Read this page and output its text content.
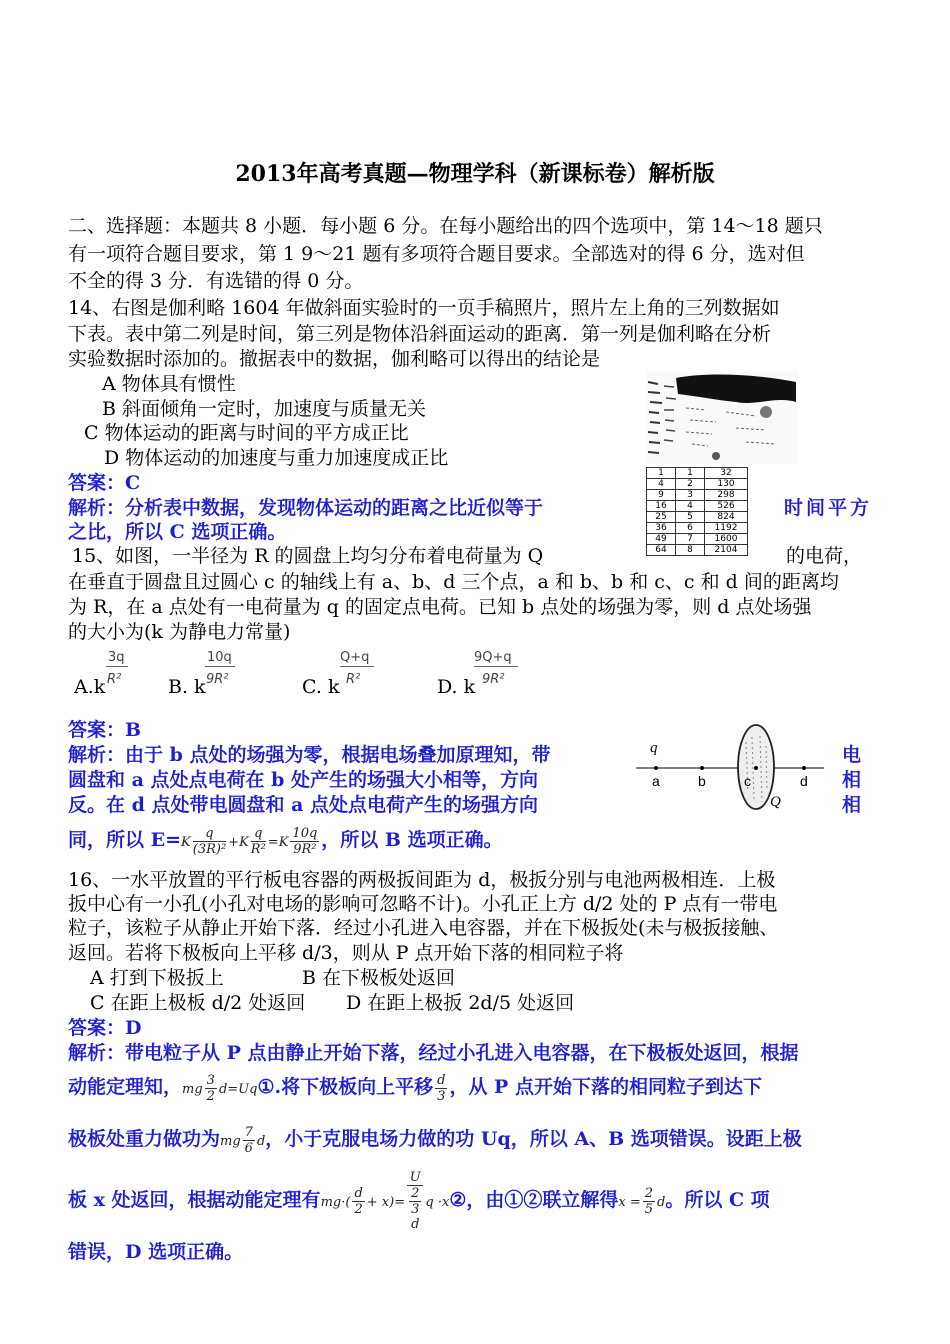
2013年高考真题—物理学科（新课标卷）解析版
二、选择题：本题共 8 小题．每小题 6 分。在每小题给出的四个选项中，第 14～18 题只
有一项符合题目要求，第 1 9～21 题有多项符合题目要求。全部选对的得 6 分，选对但
不全的得 3 分．有选错的得 0 分。
14、右图是伽利略 1604 年做斜面实验时的一页手稿照片，照片左上角的三列数据如
下表。表中第二列是时间，第三列是物体沿斜面运动的距离．第一列是伽利略在分析
实验数据时添加的。撤据表中的数据，伽利略可以得出的结论是
A 物体具有惯性
B 斜面倾角一定时，加速度与质量无关
C 物体运动的距离与时间的平方成正比
D 物体运动的加速度与重力加速度成正比
答案：C
解析：分析表中数据，发现物体运动的距离之比近似等于	时间平方
之比，所以 C 选项正确。
1	1	32
4	2	130
9	3	298
16	4	526
25	5	824
36	6	1192
49	7	1600
64	8	2104
15、如图，一半径为 R 的圆盘上均匀分布着电荷量为 Q	的电荷，
在垂直于圆盘且过圆心 c 的轴线上有 a、b、d 三个点，a 和 b、b 和 c、c 和 d 间的距离均
为 R，在 a 点处有一电荷量为 q 的固定点电荷。已知 b 点处的场强为零，则 d 点处场强
的大小为(k 为静电力常量)
A.k
3q
R² B. k
10q
9R²	C. k
Q+q
R²	D. k
9Q+q
9R²
答案：B
解析：由于 b 点处的场强为零，根据电场叠加原理知，带
圆盘和 a 点处点电荷在 b 处产生的场强大小相等，方向
反。在 d 点处带电圆盘和 a 点处点电荷产生的场强方向
电
相
相
同，所以 $E=K \frac{q}{\text{(3R)²}} +K \frac{q}{\text{R²}} =K \frac{10q}{\text{9R²}}$ ，所以 B 选项正确。
q
a	b	c	d
Q
16、一水平放置的平行板电容器的两极扳间距为 d，极扳分别与电池两极相连．上极
扳中心有一小孔(小孔对电场的影响可忽略不计)。小孔正上方 d/2 处的 P 点有一带电
粒子，该粒子从静止开始下落．经过小孔进入电容器，并在下极扳处(未与极扳接触、
返回。若将下极板向上平移 d/3，则从 P 点开始下落的相同粒子将
A 打到下极扳上	B 在下极板处返回
C 在距上极板 d/2 处返回 D 在距上极扳 2d/5 处返回
答案：D
解析：带电粒子从 P 点由静止开始下落，经过小孔进入电容器，在下极板处返回，根据
动能定理知，mg $\frac{3}{2}$ d=Uq①.将下极板向上平移 $\frac{d}{3}$ ，从 P 点开始下落的相同粒子到达下
极板处重力做功为mg $\frac{7}{6}$ d，小于克服电场力做的功 Uq，所以 A、B 选项错误。设距上极
板 x 处返回，根据动能定理有$mg\cdot( \frac{d}{2} + x)=$
U
2
3
d
q ·x②，由①②联立解得$x = \frac{2}{5}$ d。所以 C 项
错误，D 选项正确。
